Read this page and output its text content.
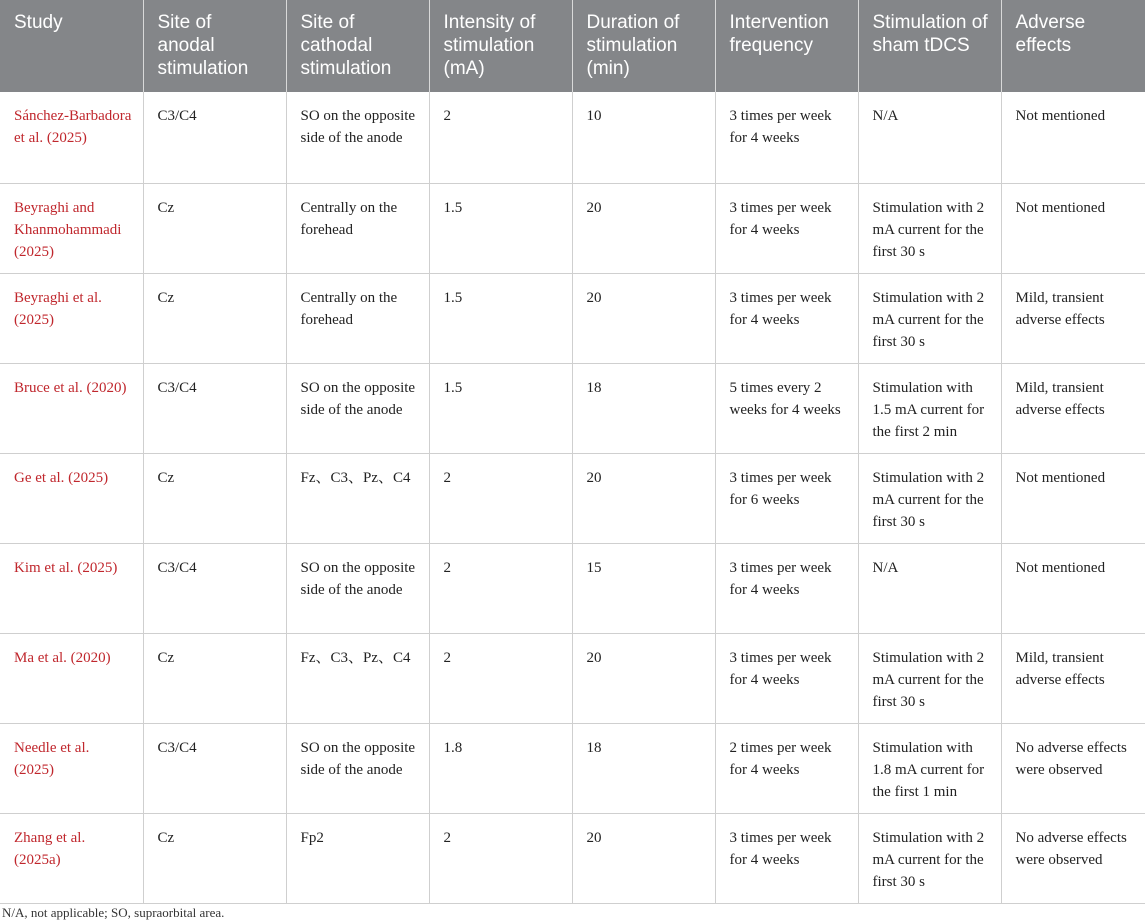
Study	Site of anodal stimulation	Site of cathodal stimulation	Intensity of stimulation (mA)	Duration of stimulation (min)	Intervention frequency	Stimulation of sham tDCS	Adverse effects
Sánchez-Barbadora et al. (2025)	C3/C4	SO on the opposite side of the anode	2	10	3 times per week for 4 weeks	N/A	Not mentioned
Beyraghi and Khanmohammadi (2025)	Cz	Centrally on the forehead	1.5	20	3 times per week for 4 weeks	Stimulation with 2 mA current for the first 30 s	Not mentioned
Beyraghi et al. (2025)	Cz	Centrally on the forehead	1.5	20	3 times per week for 4 weeks	Stimulation with 2 mA current for the first 30 s	Mild, transient adverse effects
Bruce et al. (2020)	C3/C4	SO on the opposite side of the anode	1.5	18	5 times every 2 weeks for 4 weeks	Stimulation with 1.5 mA current for the first 2 min	Mild, transient adverse effects
Ge et al. (2025)	Cz	Fz、C3、Pz、C4	2	20	3 times per week for 6 weeks	Stimulation with 2 mA current for the first 30 s	Not mentioned
Kim et al. (2025)	C3/C4	SO on the opposite side of the anode	2	15	3 times per week for 4 weeks	N/A	Not mentioned
Ma et al. (2020)	Cz	Fz、C3、Pz、C4	2	20	3 times per week for 4 weeks	Stimulation with 2 mA current for the first 30 s	Mild, transient adverse effects
Needle et al. (2025)	C3/C4	SO on the opposite side of the anode	1.8	18	2 times per week for 4 weeks	Stimulation with 1.8 mA current for the first 1 min	No adverse effects were observed
Zhang et al. (2025a)	Cz	Fp2	2	20	3 times per week for 4 weeks	Stimulation with 2 mA current for the first 30 s	No adverse effects were observed
N/A, not applicable; SO, supraorbital area.
